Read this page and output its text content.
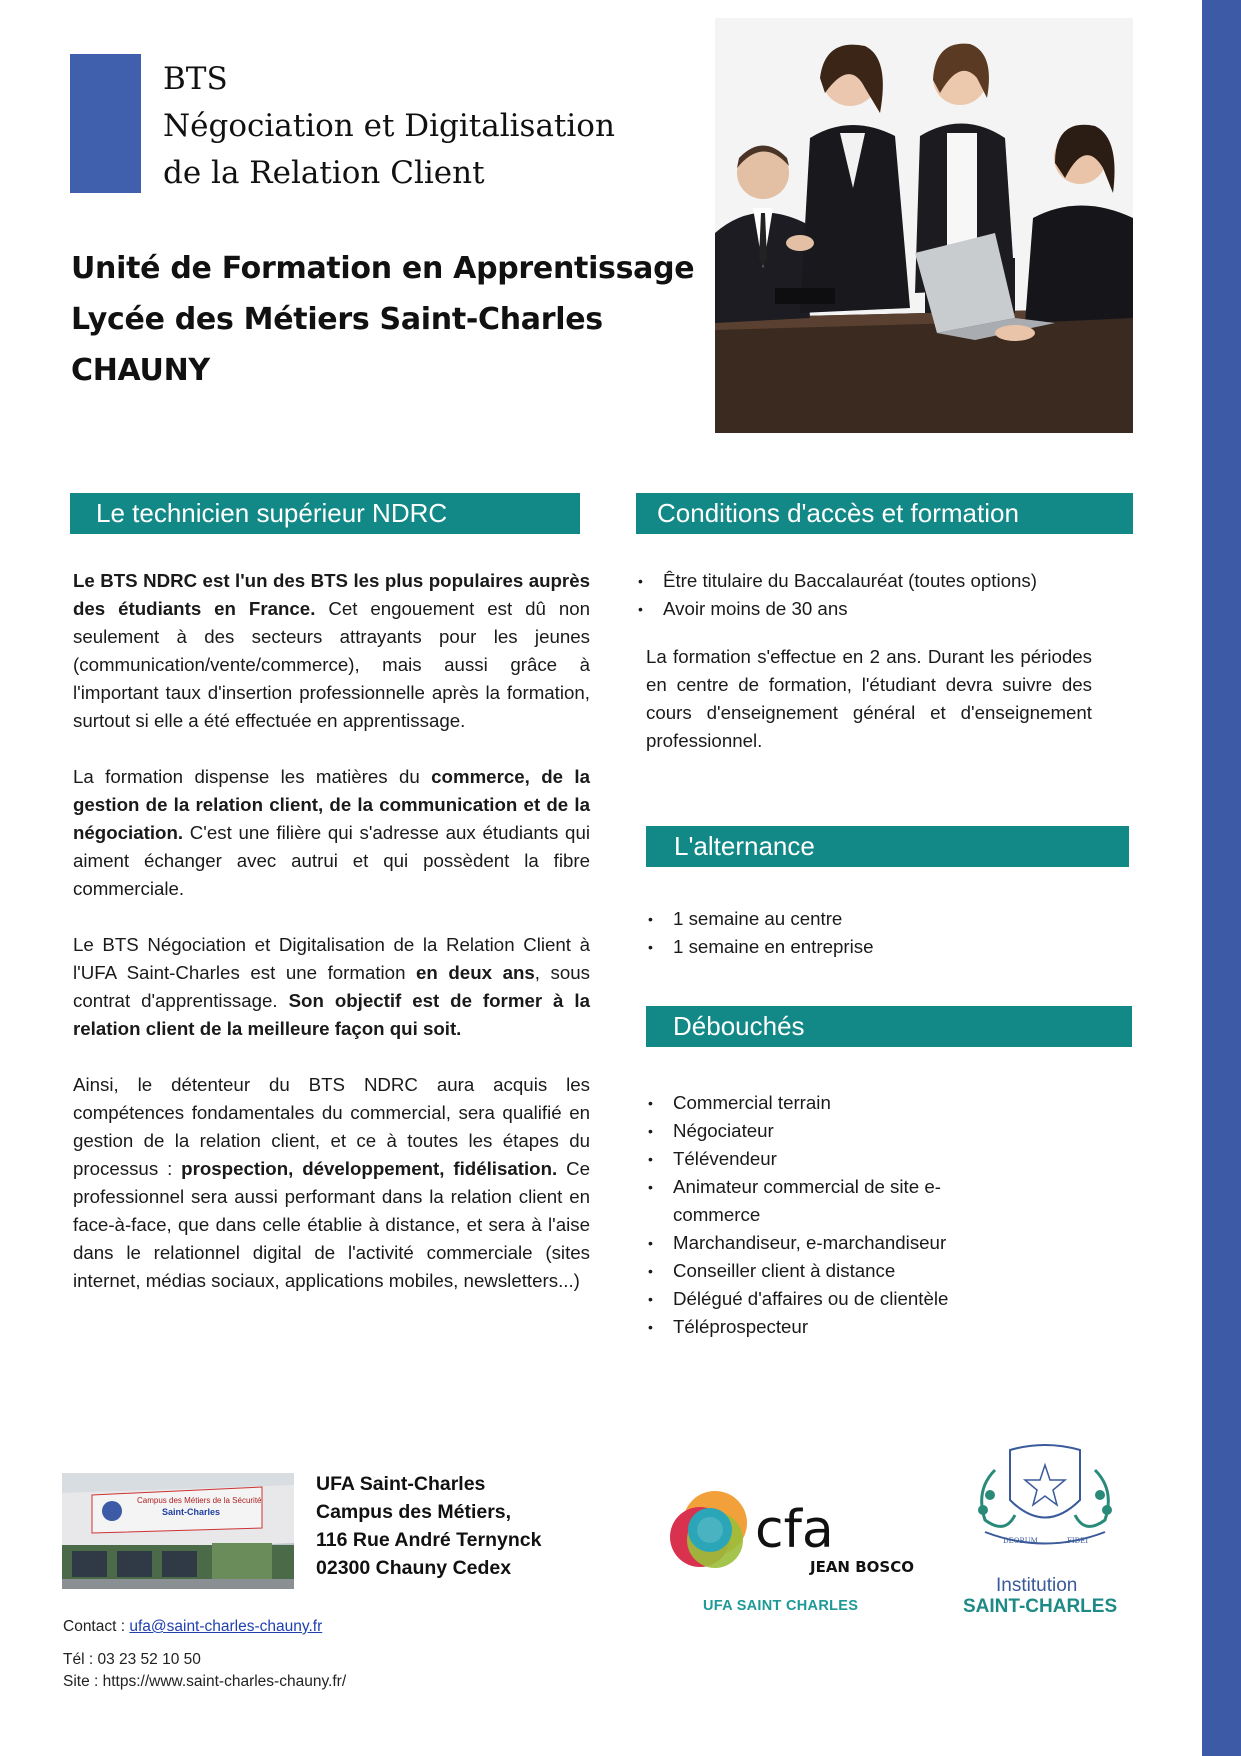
BTS
Négociation et Digitalisation
de la Relation Client
Unité de Formation en Apprentissage
Lycée des Métiers Saint-Charles
CHAUNY
Le technicien supérieur NDRC

Le BTS NDRC est l'un des BTS les plus populaires auprès des étudiants en France. Cet engouement est dû non seulement à des secteurs attrayants pour les jeunes (communication/vente/commerce), mais aussi grâce à l'important taux d'insertion professionnelle après la formation, surtout si elle a été effectuée en apprentissage.

La formation dispense les matières du commerce, de la gestion de la relation client, de la communication et de la négociation. C'est une filière qui s'adresse aux étudiants qui aiment échanger avec autrui et qui possèdent la fibre commerciale.

Le BTS Négociation et Digitalisation de la Relation Client à l'UFA Saint-Charles est une formation en deux ans, sous contrat d'apprentissage. Son objectif est de former à la relation client de la meilleure façon qui soit.

Ainsi, le détenteur du BTS NDRC aura acquis les compétences fondamentales du commercial, sera qualifié en gestion de la relation client, et ce à toutes les étapes du processus : prospection, développement, fidélisation. Ce professionnel sera aussi performant dans la relation client en face-à-face, que dans celle établie à distance, et sera à l'aise dans le relationnel digital de l'activité commerciale (sites internet, médias sociaux, applications mobiles, newsletters...)

Conditions d'accès et formation
• Être titulaire du Baccalauréat (toutes options)
• Avoir moins de 30 ans
La formation s'effectue en 2 ans. Durant les périodes en centre de formation, l'étudiant devra suivre des cours d'enseignement général et d'enseignement professionnel.
L'alternance
• 1 semaine au centre
• 1 semaine en entreprise
Débouchés
• Commercial terrain
• Négociateur
• Télévendeur
• Animateur commercial de site e-commerce
• Marchandiseur, e-marchandiseur
• Conseiller client à distance
• Délégué d'affaires ou de clientèle
• Téléprospecteur
Campus des Métiers de la Sécurité
Saint-Charles
UFA Saint-Charles
Campus des Métiers,
116 Rue André Ternynck
02300 Chauny Cedex
cfa
JEAN BOSCO
UFA SAINT CHARLES
DEORUM	FIDEI
Institution
SAINT-CHARLES
Contact : ufa@saint-charles-chauny.fr
Tél : 03 23 52 10 50
Site : https://www.saint-charles-chauny.fr/
